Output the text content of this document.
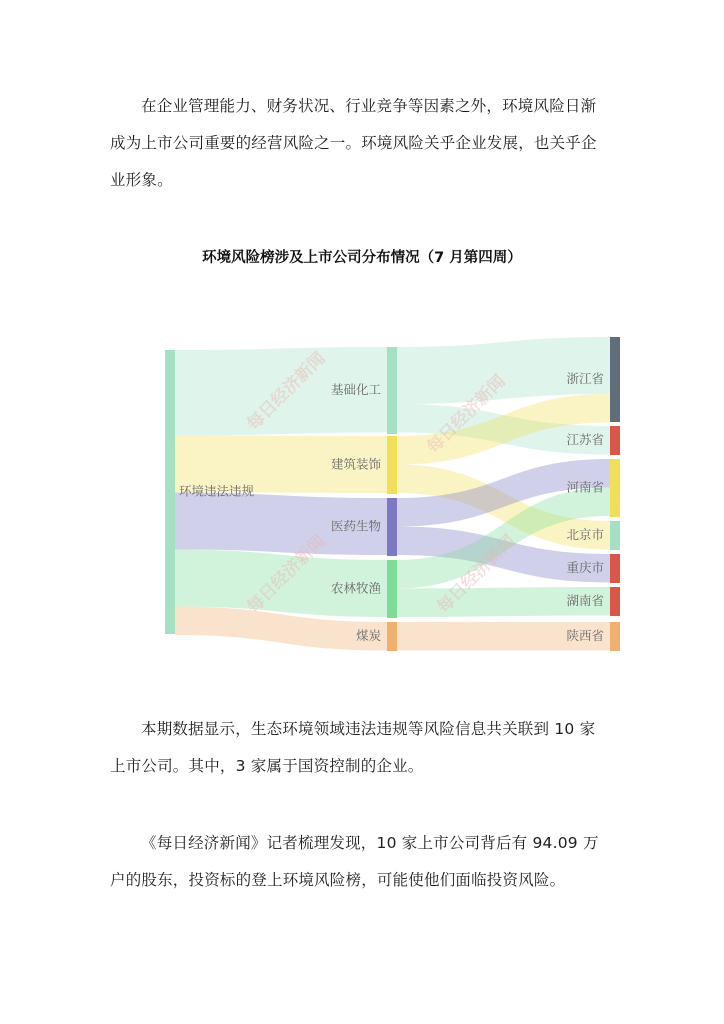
在企业管理能力、财务状况、行业竞争等因素之外，环境风险日渐成为上市公司重要的经营风险之一。环境风险关乎企业发展，也关乎企业形象。

环境风险榜涉及上市公司分布情况（7 月第四周）
环境违法违规
基础化工
建筑装饰
医药生物
农林牧渔
煤炭
浙江省
江苏省
河南省
北京市
重庆市
湖南省
陕西省
每日经济新闻	每日经济新闻
每日经济新闻	每日经济新闻

本期数据显示，生态环境领域违法违规等风险信息共关联到 10 家上市公司。其中，3 家属于国资控制的企业。

《每日经济新闻》记者梳理发现，10 家上市公司背后有 94.09 万户的股东，投资标的登上环境风险榜，可能使他们面临投资风险。
